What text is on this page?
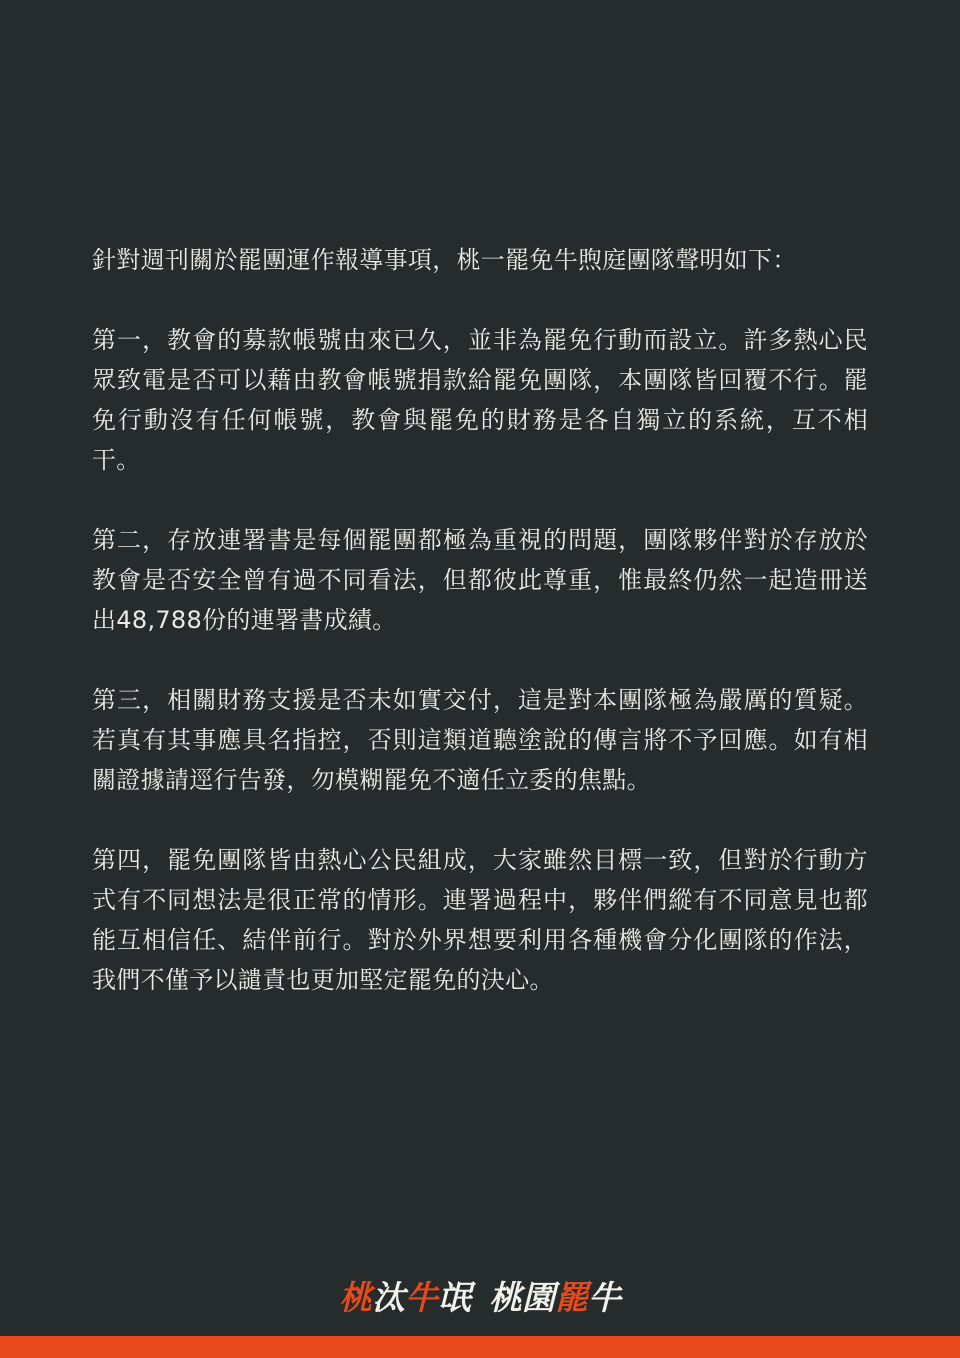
針對週刊關於罷團運作報導事項，桃一罷免牛煦庭團隊聲明如下：

第一，教會的募款帳號由來已久，並非為罷免行動而設立。許多熱心民眾致電是否可以藉由教會帳號捐款給罷免團隊，本團隊皆回覆不行。罷免行動沒有任何帳號，教會與罷免的財務是各自獨立的系統，互不相干。

第二，存放連署書是每個罷團都極為重視的問題，團隊夥伴對於存放於教會是否安全曾有過不同看法，但都彼此尊重，惟最終仍然一起造冊送出48,788份的連署書成績。

第三，相關財務支援是否未如實交付，這是對本團隊極為嚴厲的質疑。若真有其事應具名指控，否則這類道聽塗說的傳言將不予回應。如有相關證據請逕行告發，勿模糊罷免不適任立委的焦點。

第四，罷免團隊皆由熱心公民組成，大家雖然目標一致，但對於行動方式有不同想法是很正常的情形。連署過程中，夥伴們縱有不同意見也都能互相信任、結伴前行。對於外界想要利用各種機會分化團隊的作法，我們不僅予以譴責也更加堅定罷免的決心。

桃汰牛氓 桃園罷牛
